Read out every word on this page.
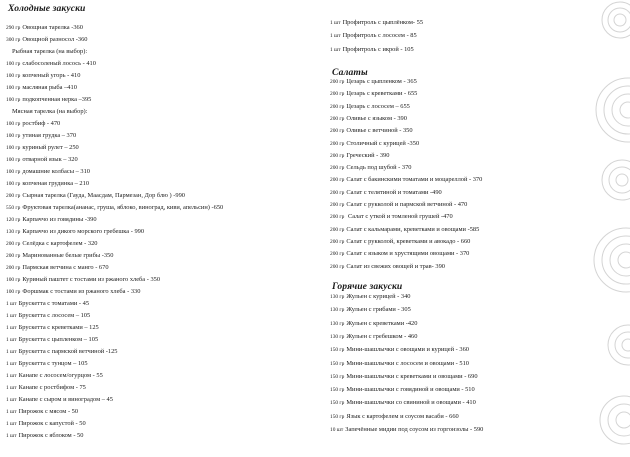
Холодные закуски
290 гр Овощная тарелка -360
300 гр Овощной разносол -360
Рыбная тарелка (на выбор):
100 гр слабосоленый лосось - 410
100 гр копченый угорь - 410
100 гр масляная рыба –410
100 гр подкопченная нерка –395
Мясная тарелка (на выбор):
100 гр ростбиф - 470
100 гр утиная грудка – 370
100 гр куриный рулет – 250
100 гр отварной язык – 320
100 гр домашние колбасы – 310
100 гр копченая грудинка – 210
200 гр Сырная тарелка (Гауда, Маасдам, Пармезан, Дор блю ) -990
550 гр Фруктовая тарелка(ананас, груша, яблоко, виноград, киви, апельсин) -650
120 гр Карпаччо из говядины -390
130 гр Карпаччо из дикого морского гребешка - 990
200 гр Селёдка с картофелем - 320
200 гр Маринованные белые грибы -350
200 гр Пармская ветчина с манго - 670
100 гр Куриный паштет с тостами из ржаного хлеба - 350
100 гр Форшмак с тостами из ржаного хлеба - 330
1 шт Брускетта с томатами - 45
1 шт Брускетта с лососем – 105
1 шт Брускетта с креветками – 125
1 шт Брускетта с цыпленком – 105
1 шт Брускетта с пармской ветчиной -125
1 шт Брускетта с тунцом – 105
1 шт Канапе с лососем/огурцом - 55
1 шт Канапе с ростбифом - 75
1 шт Канапе с сыром и виноградом – 45
1 шт Пирожок с мясом - 50
1 шт Пирожок с капустой - 50
1 шт Пирожок с яблоком - 50
1 шт Профитроль с цыплёнком- 55
1 шт Профитроль с лососем - 85
1 шт Профитроль с икрой - 105
Салаты
200 гр Цезарь с цыпленком - 365
200 гр Цезарь с креветками - 655
200 гр Цезарь с лососем – 655
200 гр Оливье с языком - 390
200 гр Оливье с ветчиной - 350
200 гр Столичный с курицей -350
200 гр Греческий - 390
200 гр Сельдь под шубой - 370
200 гр Салат с бакинскими томатами и моцареллой - 370
200 гр Салат с телятиной и томатами -490
200 гр Салат с рукколой и пармской ветчиной - 470
200 гр Салат с уткой и томленой грушей -470
200 гр Салат с кальмарами, креветками и овощами -585
200 гр Салат с рукколой, креветками и авокадо - 660
200 гр Салат с языком и хрустящими овощами - 370
200 гр Салат из свежих овощей и трав- 390
Горячие закуски
130 гр Жульен с курицей - 340
130 гр Жульен с грибами - 305
130 гр Жульен с креветками -420
130 гр Жульен с гребешком - 460
150 гр Мини-шашлычки с овощами и курицей - 360
150 гр Мини-шашлычки с лососем и овощами - 510
150 гр Мини-шашлычки с креветками и овощами - 690
150 гр Мини-шашлычки с говядиной и овощами - 510
150 гр Мини-шашлычки со свининой и овощами - 410
150 гр Язык с картофелем и соусом васаби - 660
10 шт Запечённые мидии под соусом из горгонзолы - 590
